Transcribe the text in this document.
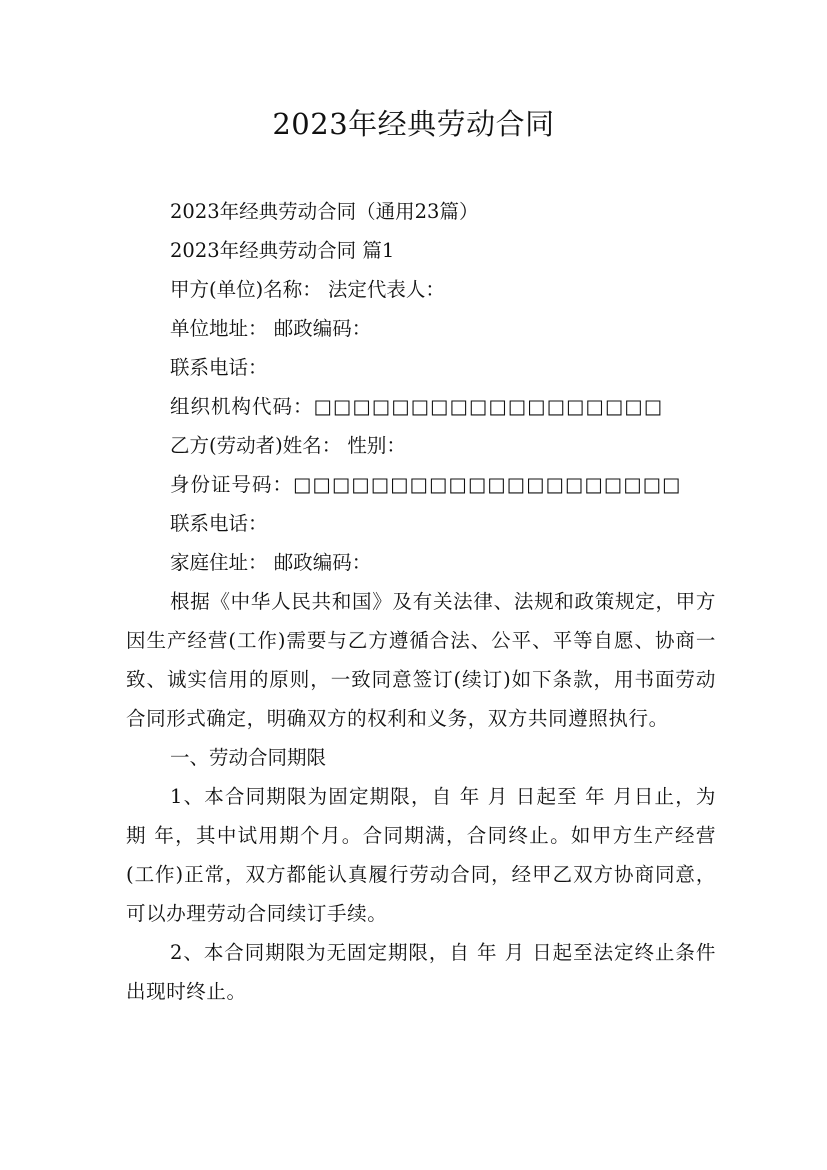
2023年经典劳动合同

2023年经典劳动合同（通用23篇）

2023年经典劳动合同 篇1

甲方(单位)名称： 法定代表人：

单位地址： 邮政编码：

联系电话：

组织机构代码：□□□□□□□□□□□□□□□□□□

乙方(劳动者)姓名： 性别：

身份证号码：□□□□□□□□□□□□□□□□□□□□

联系电话：

家庭住址： 邮政编码：

根据《中华人民共和国》及有关法律、法规和政策规定，甲方因生产经营(工作)需要与乙方遵循合法、公平、平等自愿、协商一致、诚实信用的原则，一致同意签订(续订)如下条款，用书面劳动合同形式确定，明确双方的权利和义务，双方共同遵照执行。

一、劳动合同期限

1、本合同期限为固定期限，自 年 月 日起至 年 月日止，为期 年，其中试用期个月。合同期满，合同终止。如甲方生产经营(工作)正常，双方都能认真履行劳动合同，经甲乙双方协商同意，可以办理劳动合同续订手续。

2、本合同期限为无固定期限，自 年 月 日起至法定终止条件出现时终止。
